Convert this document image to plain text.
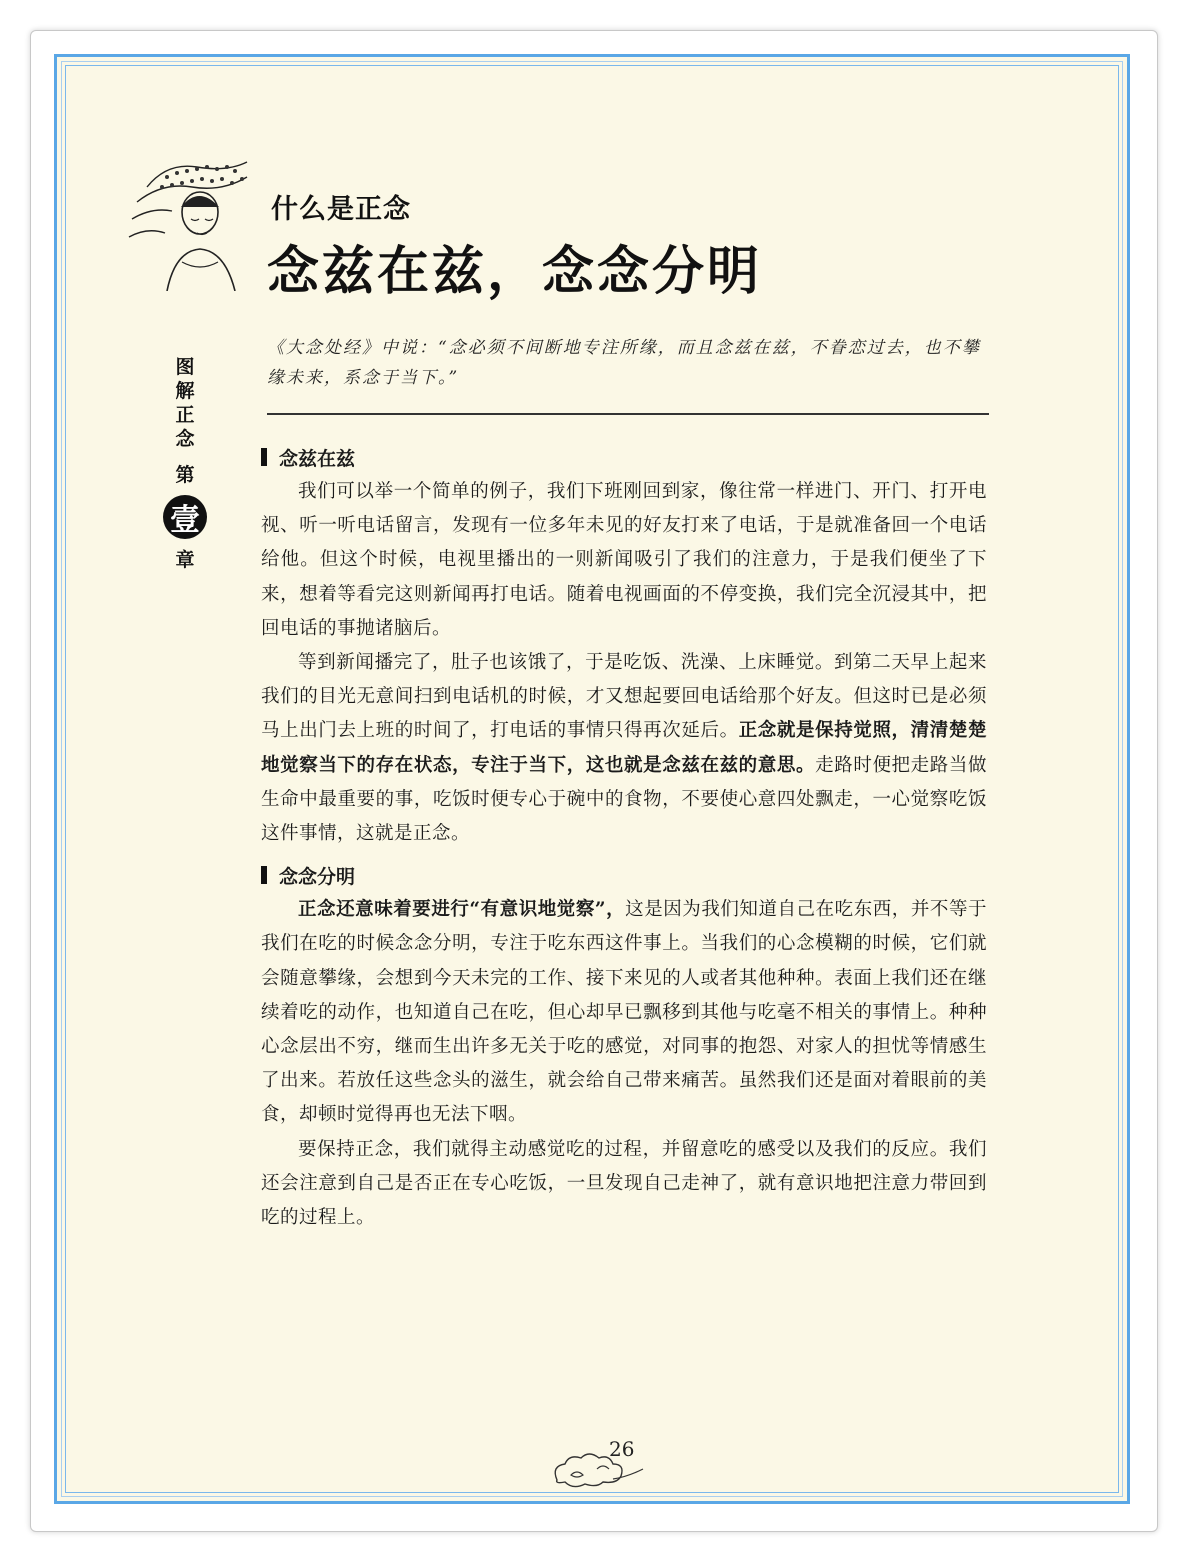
什么是正念
念兹在兹，念念分明
图
解
正
念
第
壹
章
《大念处经》中说：“念必须不间断地专注所缘，而且念兹在兹，不眷恋过去，也不攀缘未来，系念于当下。”
念兹在兹

我们可以举一个简单的例子，我们下班刚回到家，像往常一样进门、开门、打开电视、听一听电话留言，发现有一位多年未见的好友打来了电话，于是就准备回一个电话给他。但这个时候，电视里播出的一则新闻吸引了我们的注意力，于是我们便坐了下来，想着等看完这则新闻再打电话。随着电视画面的不停变换，我们完全沉浸其中，把回电话的事抛诸脑后。

等到新闻播完了，肚子也该饿了，于是吃饭、洗澡、上床睡觉。到第二天早上起来我们的目光无意间扫到电话机的时候，才又想起要回电话给那个好友。但这时已是必须马上出门去上班的时间了，打电话的事情只得再次延后。正念就是保持觉照，清清楚楚地觉察当下的存在状态，专注于当下，这也就是念兹在兹的意思。走路时便把走路当做生命中最重要的事，吃饭时便专心于碗中的食物，不要使心意四处飘走，一心觉察吃饭这件事情，这就是正念。

念念分明

正念还意味着要进行“有意识地觉察”，这是因为我们知道自己在吃东西，并不等于我们在吃的时候念念分明，专注于吃东西这件事上。当我们的心念模糊的时候，它们就会随意攀缘，会想到今天未完的工作、接下来见的人或者其他种种。表面上我们还在继续着吃的动作，也知道自己在吃，但心却早已飘移到其他与吃毫不相关的事情上。种种心念层出不穷，继而生出许多无关于吃的感觉，对同事的抱怨、对家人的担忧等情感生了出来。若放任这些念头的滋生，就会给自己带来痛苦。虽然我们还是面对着眼前的美食，却顿时觉得再也无法下咽。

要保持正念，我们就得主动感觉吃的过程，并留意吃的感受以及我们的反应。我们还会注意到自己是否正在专心吃饭，一旦发现自己走神了，就有意识地把注意力带回到吃的过程上。

26
